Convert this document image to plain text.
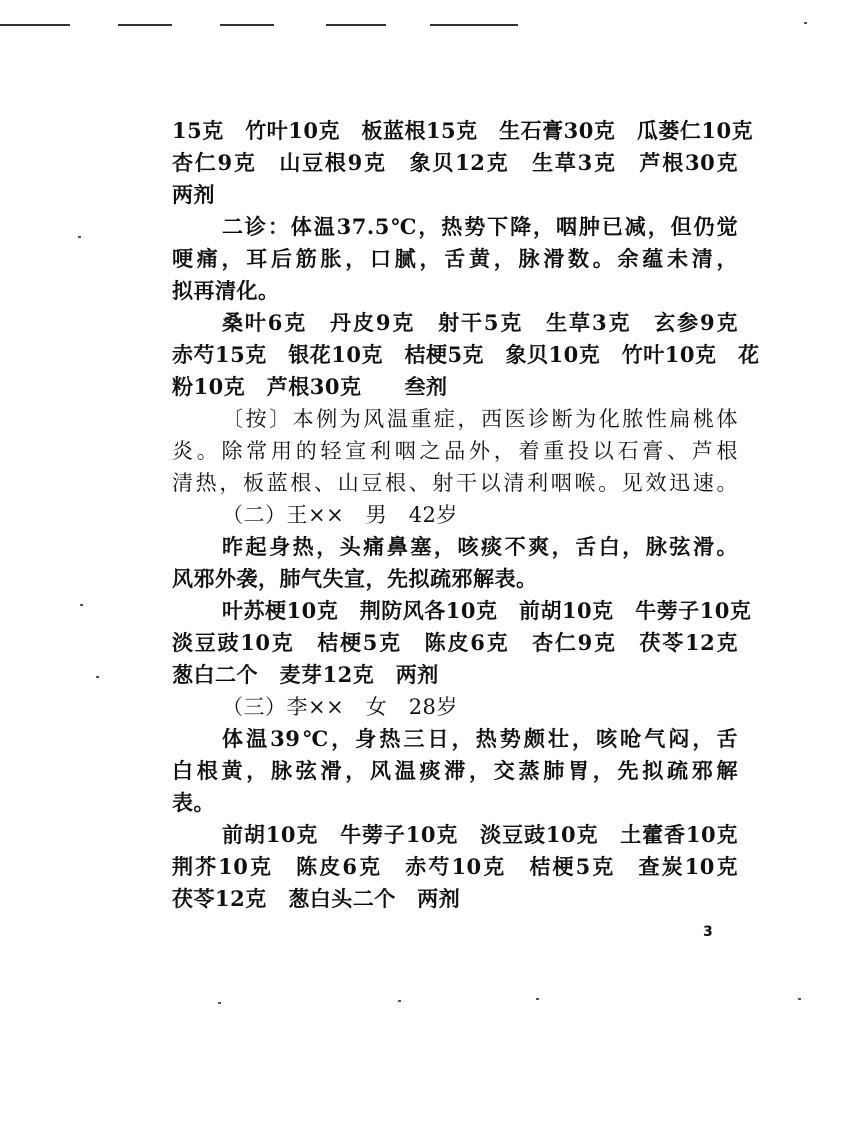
15克　竹叶10克　板蓝根15克　生石膏30克　瓜蒌仁10克
杏仁9克　山豆根9克　象贝12克　生草3克　芦根30克
两剂
二诊：体温37.5℃，热势下降，咽肿已减，但仍觉
哽痛，耳后筋胀，口腻，舌黄，脉滑数。余蕴未清，
拟再清化。
桑叶6克　丹皮9克　射干5克　生草3克　玄参9克
赤芍15克　银花10克　桔梗5克　象贝10克　竹叶10克　花
粉10克　芦根30克　　叁剂
〔按〕本例为风温重症，西医诊断为化脓性扁桃体
炎。除常用的轻宣利咽之品外，着重投以石膏、芦根
清热，板蓝根、山豆根、射干以清利咽喉。见效迅速。
（二）王××　男　42岁
昨起身热，头痛鼻塞，咳痰不爽，舌白，脉弦滑。
风邪外袭，肺气失宣，先拟疏邪解表。
叶苏梗10克　荆防风各10克　前胡10克　牛蒡子10克
淡豆豉10克　桔梗5克　陈皮6克　杏仁9克　茯苓12克
葱白二个　麦芽12克　两剂
（三）李××　女　28岁
体温39℃，身热三日，热势颇壮，咳呛气闷，舌
白根黄，脉弦滑，风温痰滞，交蒸肺胃，先拟疏邪解
表。
前胡10克　牛蒡子10克　淡豆豉10克　土藿香10克
荆芥10克　陈皮6克　赤芍10克　桔梗5克　查炭10克
茯苓12克　葱白头二个　两剂
3
